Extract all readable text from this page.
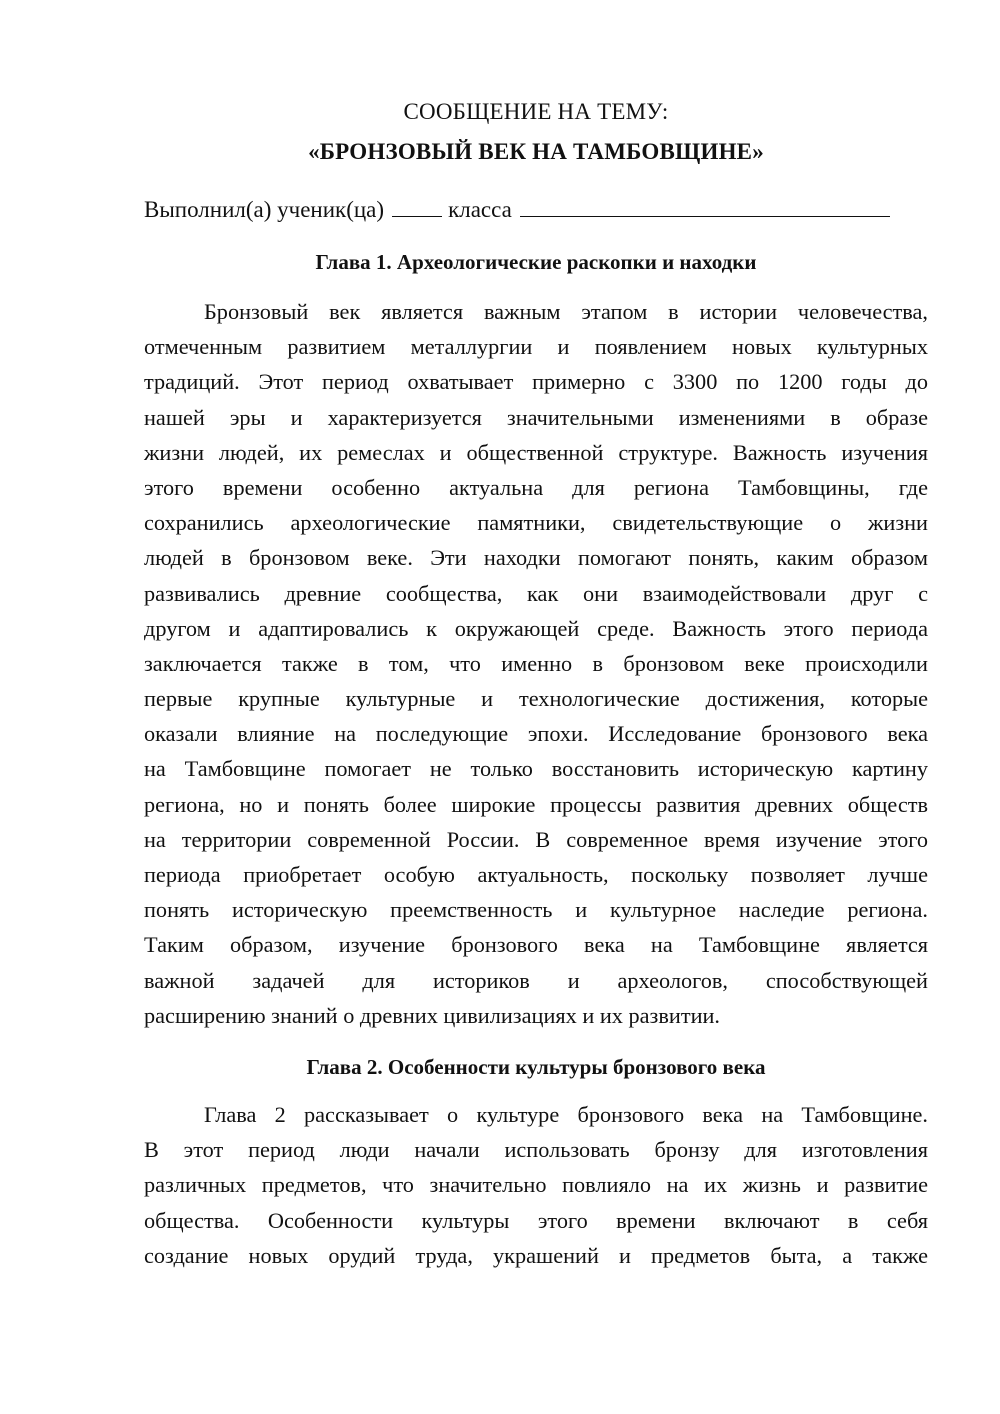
СООБЩЕНИЕ НА ТЕМУ:
«БРОНЗОВЫЙ ВЕК НА ТАМБОВЩИНЕ»
Выполнил(а) ученик(ца)	класса
Глава 1. Археологические раскопки и находки
Бронзовый век является важным этапом в истории человечества,
отмеченным развитием металлургии и появлением новых культурных
традиций. Этот период охватывает примерно с 3300 по 1200 годы до
нашей эры и характеризуется значительными изменениями в образе
жизни людей, их ремеслах и общественной структуре. Важность изучения
этого времени особенно актуальна для региона Тамбовщины, где
сохранились археологические памятники, свидетельствующие о жизни
людей в бронзовом веке. Эти находки помогают понять, каким образом
развивались древние сообщества, как они взаимодействовали друг с
другом и адаптировались к окружающей среде. Важность этого периода
заключается также в том, что именно в бронзовом веке происходили
первые крупные культурные и технологические достижения, которые
оказали влияние на последующие эпохи. Исследование бронзового века
на Тамбовщине помогает не только восстановить историческую картину
региона, но и понять более широкие процессы развития древних обществ
на территории современной России. В современное время изучение этого
периода приобретает особую актуальность, поскольку позволяет лучше
понять историческую преемственность и культурное наследие региона.
Таким образом, изучение бронзового века на Тамбовщине является
важной задачей для историков и археологов, способствующей
расширению знаний о древних цивилизациях и их развитии.
Глава 2. Особенности культуры бронзового века
Глава 2 рассказывает о культуре бронзового века на Тамбовщине.
В этот период люди начали использовать бронзу для изготовления
различных предметов, что значительно повлияло на их жизнь и развитие
общества. Особенности культуры этого времени включают в себя
создание новых орудий труда, украшений и предметов быта, а также
